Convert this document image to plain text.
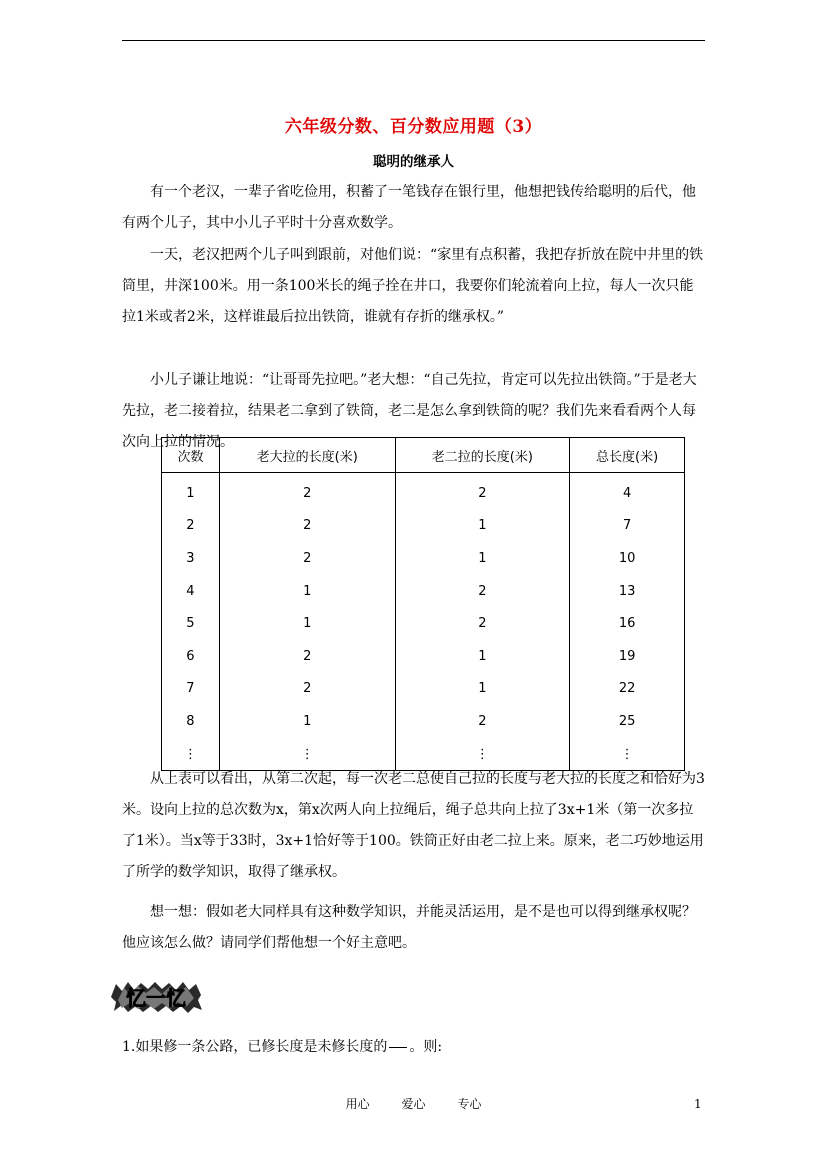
六年级分数、百分数应用题（3）
聪明的继承人

有一个老汉，一辈子省吃俭用，积蓄了一笔钱存在银行里，他想把钱传给聪明的后代，他有两个儿子，其中小儿子平时十分喜欢数学。

一天，老汉把两个儿子叫到跟前，对他们说：“家里有点积蓄，我把存折放在院中井里的铁筒里，井深100米。用一条100米长的绳子拴在井口，我要你们轮流着向上拉，每人一次只能拉1米或者2米，这样谁最后拉出铁筒，谁就有存折的继承权。”

小儿子谦让地说：“让哥哥先拉吧。”老大想：“自己先拉，肯定可以先拉出铁筒。”于是老大先拉，老二接着拉，结果老二拿到了铁筒，老二是怎么拿到铁筒的呢？我们先来看看两个人每次向上拉的情况。

次数	老大拉的长度(米)	老二拉的长度(米)	总长度(米)
1	2	2	4
2	2	1	7
3	2	1	10
4	1	2	13
5	1	2	16
6	2	1	19
7	2	1	22
8	1	2	25
⋮	⋮	⋮	⋮

从上表可以看出，从第二次起，每一次老二总使自己拉的长度与老大拉的长度之和恰好为3米。设向上拉的总次数为x，第x次两人向上拉绳后，绳子总共向上拉了3x+1米（第一次多拉了1米）。当x等于33时，3x+1恰好等于100。铁筒正好由老二拉上来。原来，老二巧妙地运用了所学的数学知识，取得了继承权。

想一想：假如老大同样具有这种数学知识，并能灵活运用，是不是也可以得到继承权呢？他应该怎么做？请同学们帮他想一个好主意吧。

忆一忆
1.如果修一条公路，已修长度是未修长度的 。则:
用心	爱心	专心	1
